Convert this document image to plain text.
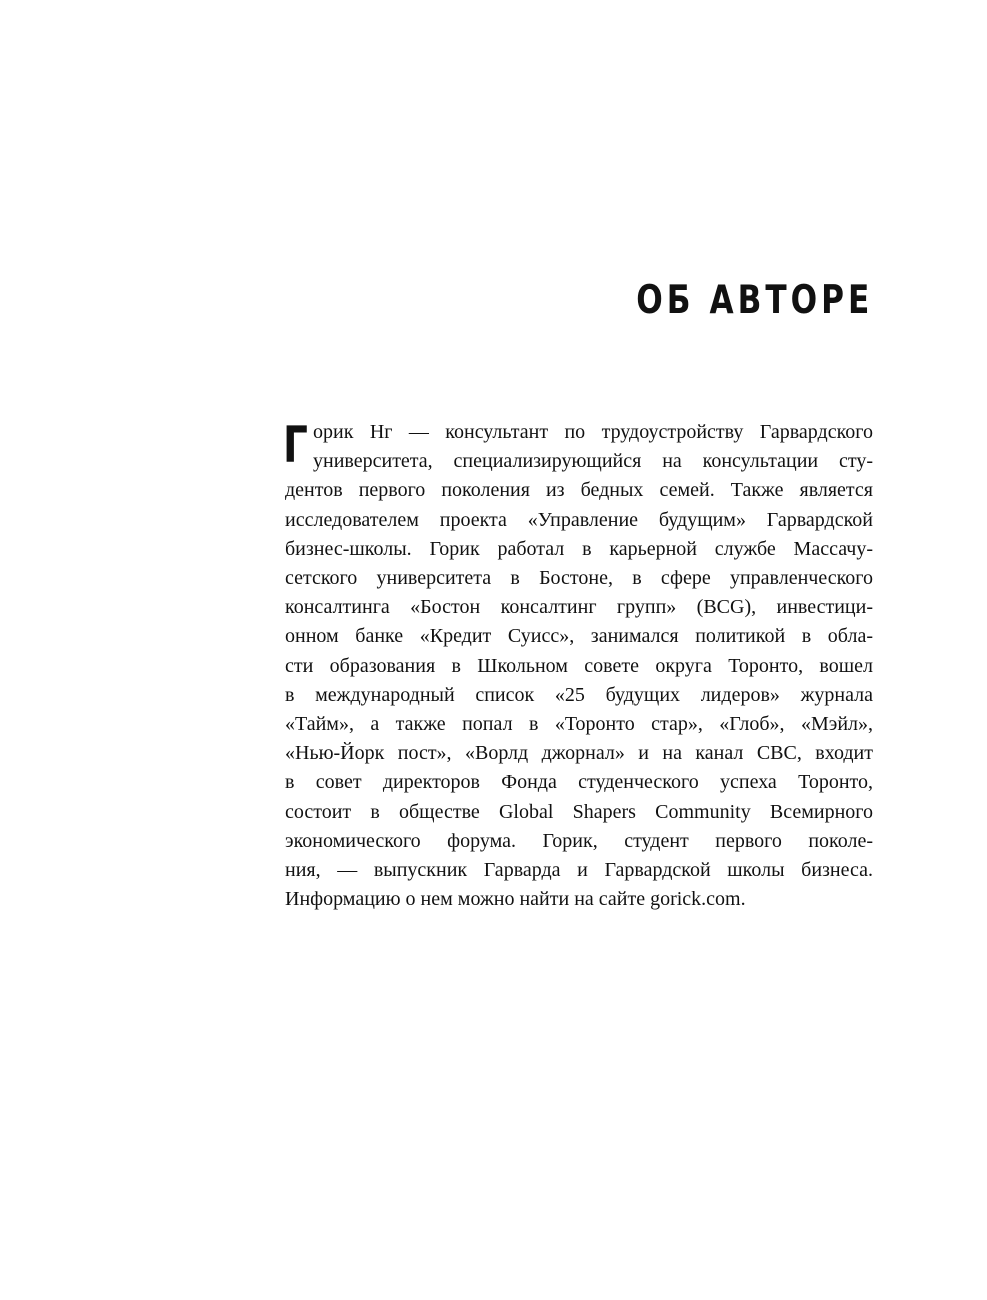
ОБ АВТОРЕ
Г орик Нг — консультант по трудоустройству Гарвардского
университета, специализирующийся на консультации сту-
дентов первого поколения из бедных семей. Также является
исследователем проекта «Управление будущим» Гарвардской
бизнес-школы. Горик работал в карьерной службе Массачу-
сетского университета в Бостоне, в сфере управленческого
консалтинга «Бостон консалтинг групп» (BCG), инвестици-
онном банке «Кредит Суисс», занимался политикой в обла-
сти образования в Школьном совете округа Торонто, вошел
в международный список «25 будущих лидеров» журнала
«Тайм», а также попал в «Торонто стар», «Глоб», «Мэйл»,
«Нью-Йорк пост», «Ворлд джорнал» и на канал CBC, входит
в совет директоров Фонда студенческого успеха Торонто,
состоит в обществе Global Shapers Community Всемирного
экономического форума. Горик, студент первого поколе-
ния, — выпускник Гарварда и Гарвардской школы бизнеса.
Информацию о нем можно найти на сайте gorick.com.
